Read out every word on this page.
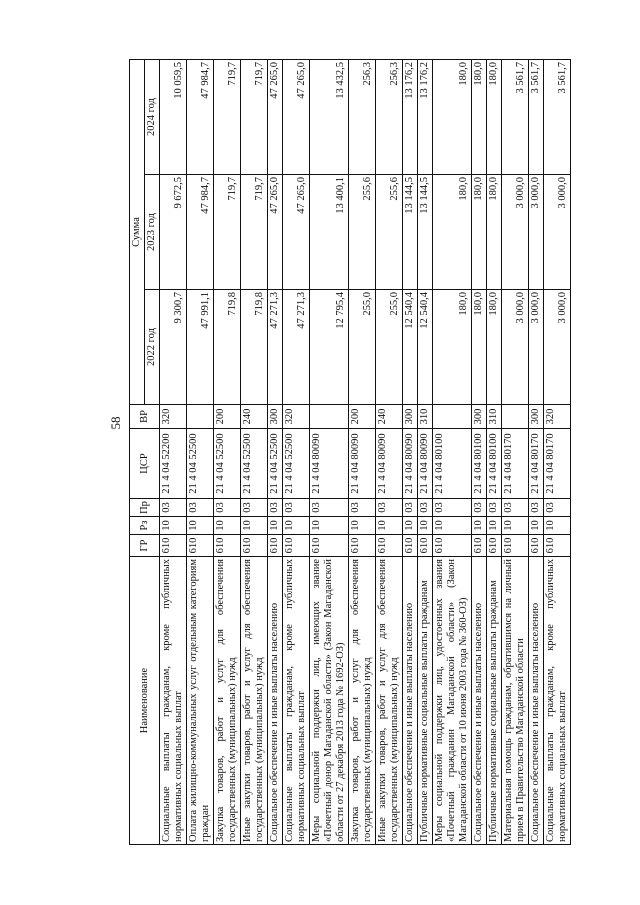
58
Наименование	ГР	Рз	Пр	ЦСР	ВР	Сумма		
						2022 год	2023 год	2024 год
Социальные выплаты гражданам, кроме публичных нормативных социальных выплат	610	10	03	21 4 04 52200	320	9 300,7	9 672,5	10 059,5
Оплата жилищно-коммунальных услуг отдельным категориям граждан	610	10	03	21 4 04 52500		47 991,1	47 984,7	47 984,7
Закупка товаров, работ и услуг для обеспечения государственных (муниципальных) нужд	610	10	03	21 4 04 52500	200	719,8	719,7	719,7
Иные закупки товаров, работ и услуг для обеспечения государственных (муниципальных) нужд	610	10	03	21 4 04 52500	240	719,8	719,7	719,7
Социальное обеспечение и иные выплаты населению	610	10	03	21 4 04 52500	300	47 271,3	47 265,0	47 265,0
Социальные выплаты гражданам, кроме публичных нормативных социальных выплат	610	10	03	21 4 04 52500	320	47 271,3	47 265,0	47 265,0
Меры социальной поддержки лиц, имеющих звание «Почетный донор Магаданской области» (Закон Магаданской области от 27 декабря 2013 года № 1692-ОЗ)	610	10	03	21 4 04 80090		12 795,4	13 400,1	13 432,5
Закупка товаров, работ и услуг для обеспечения государственных (муниципальных) нужд	610	10	03	21 4 04 80090	200	255,0	255,6	256,3
Иные закупки товаров, работ и услуг для обеспечения государственных (муниципальных) нужд	610	10	03	21 4 04 80090	240	255,0	255,6	256,3
Социальное обеспечение и иные выплаты населению	610	10	03	21 4 04 80090	300	12 540,4	13 144,5	13 176,2
Публичные нормативные социальные выплаты гражданам	610	10	03	21 4 04 80090	310	12 540,4	13 144,5	13 176,2
Меры социальной поддержки лиц, удостоенных звания «Почетный гражданин Магаданской области» (Закон Магаданской области от 10 июня 2003 года № 360-ОЗ)	610	10	03	21 4 04 80100		180,0	180,0	180,0
Социальное обеспечение и иные выплаты населению	610	10	03	21 4 04 80100	300	180,0	180,0	180,0
Публичные нормативные социальные выплаты гражданам	610	10	03	21 4 04 80100	310	180,0	180,0	180,0
Материальная помощь гражданам, обратившимся на личный прием в Правительство Магаданской области	610	10	03	21 4 04 80170		3 000,0	3 000,0	3 561,7
Социальное обеспечение и иные выплаты населению	610	10	03	21 4 04 80170	300	3 000,0	3 000,0	3 561,7
Социальные выплаты гражданам, кроме публичных нормативных социальных выплат	610	10	03	21 4 04 80170	320	3 000,0	3 000,0	3 561,7
